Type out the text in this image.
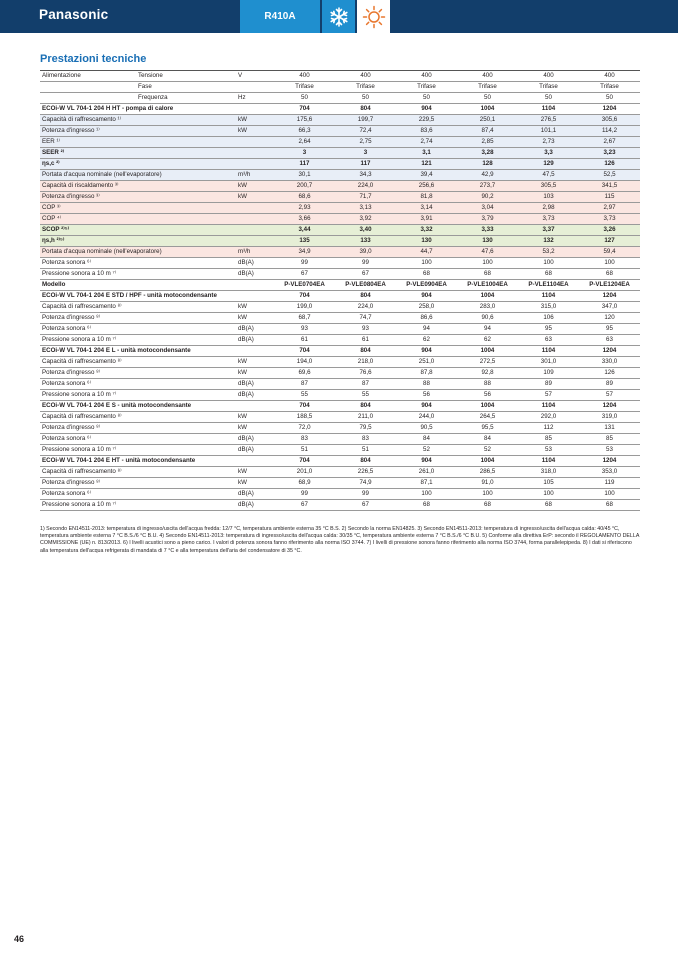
Panasonic	R410A
Prestazioni tecniche
Alimentazione	Tensione	V	400	400	400	400	400	400
	Fase		Trifase	Trifase	Trifase	Trifase	Trifase	Trifase
	Frequenza	Hz	50	50	50	50	50	50
ECOi-W VL 704-1 204 H HT - pompa di calore			704	804	904	1004	1104	1204
Capacità di raffrescamento ¹⁾		kW	175,6	199,7	229,5	250,1	276,5	305,6
Potenza d'ingresso ¹⁾		kW	66,3	72,4	83,6	87,4	101,1	114,2
EER ¹⁾			2,64	2,75	2,74	2,85	2,73	2,67
SEER ²⁾			3	3	3,1	3,28	3,3	3,23
ηs,c ²⁾			117	117	121	128	129	126
Portata d'acqua nominale (nell'evaporatore)		m³/h	30,1	34,3	39,4	42,9	47,5	52,5
Capacità di riscaldamento ³⁾		kW	200,7	224,0	256,6	273,7	305,5	341,5
Potenza d'ingresso ³⁾		kW	68,6	71,7	81,8	90,2	103	115
COP ³⁾			2,93	3,13	3,14	3,04	2,98	2,97
COP ⁴⁾			3,66	3,92	3,91	3,79	3,73	3,73
SCOP ²⁾⁵⁾			3,44	3,40	3,32	3,33	3,37	3,26
ηs,h ²⁾⁵⁾			135	133	130	130	132	127
Portata d'acqua nominale (nell'evaporatore)		m³/h	34,9	39,0	44,7	47,6	53,2	59,4
Potenza sonora ⁶⁾		dB(A)	99	99	100	100	100	100
Pressione sonora a 10 m ⁷⁾		dB(A)	67	67	68	68	68	68
Modello			P-VLE0704EA	P-VLE0804EA	P-VLE0904EA	P-VLE1004EA	P-VLE1104EA	P-VLE1204EA
ECOi-W VL 704-1 204 E STD / HPF - unità motocondensante			704	804	904	1004	1104	1204
Capacità di raffrescamento ⁸⁾		kW	199,0	224,0	258,0	283,0	315,0	347,0
Potenza d'ingresso ⁸⁾		kW	68,7	74,7	86,6	90,6	106	120
Potenza sonora ⁶⁾		dB(A)	93	93	94	94	95	95
Pressione sonora a 10 m ⁷⁾		dB(A)	61	61	62	62	63	63
ECOi-W VL 704-1 204 E L - unità motocondensante			704	804	904	1004	1104	1204
Capacità di raffrescamento ⁸⁾		kW	194,0	218,0	251,0	272,5	301,0	330,0
Potenza d'ingresso ⁸⁾		kW	69,6	76,6	87,8	92,8	109	126
Potenza sonora ⁶⁾		dB(A)	87	87	88	88	89	89
Pressione sonora a 10 m ⁷⁾		dB(A)	55	55	56	56	57	57
ECOi-W VL 704-1 204 E S - unità motocondensante			704	804	904	1004	1104	1204
Capacità di raffrescamento ⁸⁾		kW	188,5	211,0	244,0	264,5	292,0	319,0
Potenza d'ingresso ⁸⁾		kW	72,0	79,5	90,5	95,5	112	131
Potenza sonora ⁶⁾		dB(A)	83	83	84	84	85	85
Pressione sonora a 10 m ⁷⁾		dB(A)	51	51	52	52	53	53
ECOi-W VL 704-1 204 E HT - unità motocondensante			704	804	904	1004	1104	1204
Capacità di raffrescamento ⁸⁾		kW	201,0	226,5	261,0	286,5	318,0	353,0
Potenza d'ingresso ⁸⁾		kW	68,9	74,9	87,1	91,0	105	119
Potenza sonora ⁶⁾		dB(A)	99	99	100	100	100	100
Pressione sonora a 10 m ⁷⁾		dB(A)	67	67	68	68	68	68
1) Secondo EN14511-2013: temperatura di ingresso/uscita dell'acqua fredda: 12/7 °C, temperatura ambiente esterna 35 °C B.S. 2) Secondo la norma EN14825. 3) Secondo EN14511-2013: temperatura di ingresso/uscita dell'acqua calda: 40/45 °C, temperatura ambiente esterna 7 °C B.S./6 °C B.U. 4) Secondo EN14511-2013: temperatura di ingresso/uscita dell'acqua calda: 30/35 °C, temperatura ambiente esterna 7 °C B.S./6 °C B.U. 5) Conforme alla direttiva ErP: secondo il REGOLAMENTO DELLA COMMISSIONE (UE) n. 813/2013. 6) I livelli acustici sono a pieno carico. I valori di potenza sonora fanno riferimento alla norma ISO 3744. 7) I livelli di pressione sonora fanno riferimento alla norma ISO 3744, forma parallelepipeda. 8) I dati si riferiscono alla temperatura dell'acqua refrigerata di mandata di 7 °C e alla temperatura dell'aria del condensatore di 35 °C.
46
